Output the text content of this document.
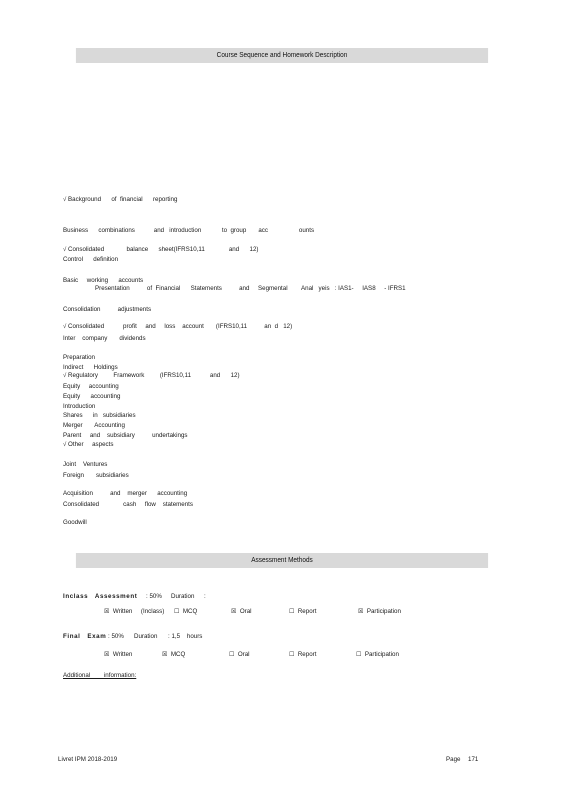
Course Sequence and Homework Description

√ Background      of  financial      reporting

Business      combinations           and   introduction            to  group       acc                  ounts

Control      definition

Presentation          of  Financial      Statements          and     Segmental        Anal   yeis   : IAS1-     IAS8     - IFRS1

√ Consolidated             balance      sheet(IFRS10,11              and      12)

Basic     working      accounts

Consolidation          adjustments

Inter    company       dividends

Indirect      Holdings

Equity      accounting

Merger       Accounting

√ Consolidated           profit     and     loss    account       (IFRS10,11          an  d   12)

Preparation

Equity     accounting

Shares      in   subsidiaries

√ Regulatory         Framework         (IFRS10,11           and      12)

Introduction

Parent     and    subsidiary          undertakings

Joint    Ventures

Acquisition          and    merger      accounting

Goodwill

√ Other     aspects

Foreign       subsidiaries

Consolidated              cash     flow    statements

Assessment Methods
Inclass   Assessment : 50% Duration :
☒ Written     (Inclass) ☐ MCQ	☒ Oral	☐ Report	☒ Participation
Final   Exam : 50% Duration : 1,5    hours
☒ Written	☒ MCQ	☐ Oral	☐ Report	☐ Participation
Additional        information:
Livret IPM 2018-2019	Page 171
